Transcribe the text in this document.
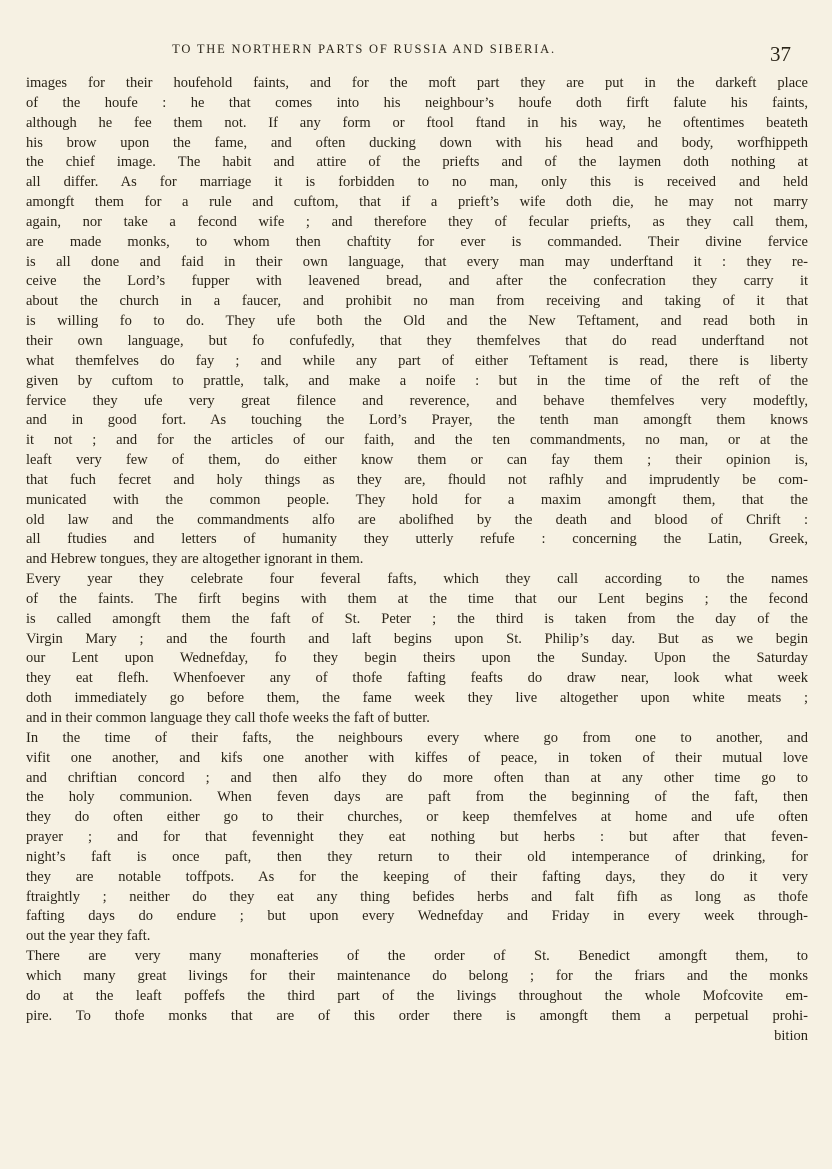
TO THE NORTHERN PARTS OF RUSSIA AND SIBERIA.	37
images for their houfehold faints, and for the moft part they are put in the darkeft place
of the houfe : he that comes into his neighbour’s houfe doth firft falute his faints,
although he fee them not. If any form or ftool ftand in his way, he oftentimes beateth
his brow upon the fame, and often ducking down with his head and body, worfhippeth
the chief image. The habit and attire of the priefts and of the laymen doth nothing at
all differ. As for marriage it is forbidden to no man, only this is received and held
amongft them for a rule and cuftom, that if a prieft’s wife doth die, he may not marry
again, nor take a fecond wife ; and therefore they of fecular priefts, as they call them,
are made monks, to whom then chaftity for ever is commanded. Their divine fervice
is all done and faid in their own language, that every man may underftand it : they re-
ceive the Lord’s fupper with leavened bread, and after the confecration they carry it
about the church in a faucer, and prohibit no man from receiving and taking of it that
is willing fo to do. They ufe both the Old and the New Teftament, and read both in
their own language, but fo confufedly, that they themfelves that do read underftand not
what themfelves do fay ; and while any part of either Teftament is read, there is liberty
given by cuftom to prattle, talk, and make a noife : but in the time of the reft of the
fervice they ufe very great filence and reverence, and behave themfelves very modeftly,
and in good fort. As touching the Lord’s Prayer, the tenth man amongft them knows
it not ; and for the articles of our faith, and the ten commandments, no man, or at the
leaft very few of them, do either know them or can fay them ; their opinion is,
that fuch fecret and holy things as they are, fhould not rafhly and imprudently be com-
municated with the common people. They hold for a maxim amongft them, that the
old law and the commandments alfo are abolifhed by the death and blood of Chrift :
all ftudies and letters of humanity they utterly refufe : concerning the Latin, Greek,
and Hebrew tongues, they are altogether ignorant in them.
Every year they celebrate four feveral fafts, which they call according to the names
of the faints. The firft begins with them at the time that our Lent begins ; the fecond
is called amongft them the faft of St. Peter ; the third is taken from the day of the
Virgin Mary ; and the fourth and laft begins upon St. Philip’s day. But as we begin
our Lent upon Wednefday, fo they begin theirs upon the Sunday. Upon the Saturday
they eat flefh. Whenfoever any of thofe fafting feafts do draw near, look what week
doth immediately go before them, the fame week they live altogether upon white meats ;
and in their common language they call thofe weeks the faft of butter.
In the time of their fafts, the neighbours every where go from one to another, and
vifit one another, and kifs one another with kiffes of peace, in token of their mutual love
and chriftian concord ; and then alfo they do more often than at any other time go to
the holy communion. When feven days are paft from the beginning of the faft, then
they do often either go to their churches, or keep themfelves at home and ufe often
prayer ; and for that fevennight they eat nothing but herbs : but after that feven-
night’s faft is once paft, then they return to their old intemperance of drinking, for
they are notable toffpots. As for the keeping of their fafting days, they do it very
ftraightly ; neither do they eat any thing befides herbs and falt fifh as long as thofe
fafting days do endure ; but upon every Wednefday and Friday in every week through-
out the year they faft.
There are very many monafteries of the order of St. Benedict amongft them, to
which many great livings for their maintenance do belong ; for the friars and the monks
do at the leaft poffefs the third part of the livings throughout the whole Mofcovite em-
pire. To thofe monks that are of this order there is amongft them a perpetual prohi-
bition
